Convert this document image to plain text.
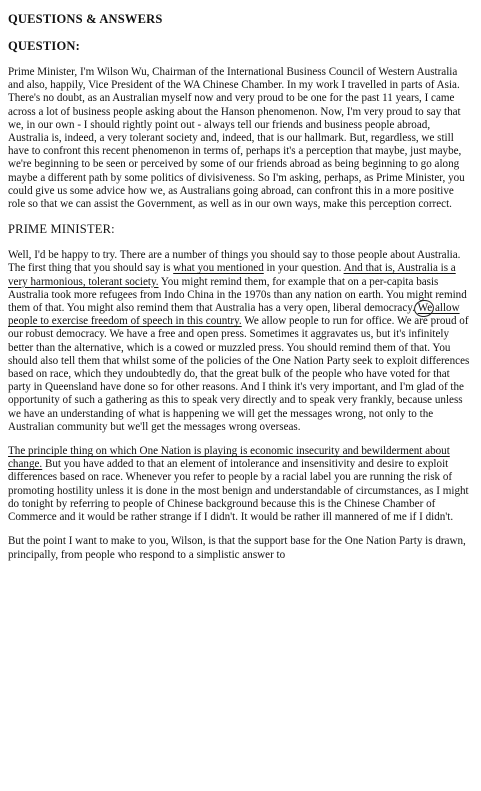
QUESTIONS & ANSWERS
QUESTION:

Prime Minister, I'm Wilson Wu, Chairman of the International Business Council of Western Australia and also, happily, Vice President of the WA Chinese Chamber. In my work I travelled in parts of Asia. There's no doubt, as an Australian myself now and very proud to be one for the past 11 years, I came across a lot of business people asking about the Hanson phenomenon. Now, I'm very proud to say that we, in our own - I should rightly point out - always tell our friends and business people abroad, Australia is, indeed, a very tolerant society and, indeed, that is our hallmark. But, regardless, we still have to confront this recent phenomenon in terms of, perhaps it's a perception that maybe, just maybe, we're beginning to be seen or perceived by some of our friends abroad as being beginning to go along maybe a different path by some politics of divisiveness. So I'm asking, perhaps, as Prime Minister, you could give us some advice how we, as Australians going abroad, can confront this in a more positive role so that we can assist the Government, as well as in our own ways, make this perception correct.

PRIME MINISTER:

Well, I'd be happy to try. There are a number of things you should say to those people about Australia. The first thing that you should say is what you mentioned in your question. And that is, Australia is a very harmonious, tolerant society. You might remind them, for example that on a per-capita basis Australia took more refugees from Indo China in the 1970s than any nation on earth. You might remind them of that. You might also remind them that Australia has a very open, liberal democracy. We allow people to exercise freedom of speech in this country. We allow people to run for office. We are proud of our robust democracy. We have a free and open press. Sometimes it aggravates us, but it's infinitely better than the alternative, which is a cowed or muzzled press. You should remind them of that. You should also tell them that whilst some of the policies of the One Nation Party seek to exploit differences based on race, which they undoubtedly do, that the great bulk of the people who have voted for that party in Queensland have done so for other reasons. And I think it's very important, and I'm glad of the opportunity of such a gathering as this to speak very directly and to speak very frankly, because unless we have an understanding of what is happening we will get the messages wrong, not only to the Australian community but we'll get the messages wrong overseas.

The principle thing on which One Nation is playing is economic insecurity and bewilderment about change. But you have added to that an element of intolerance and insensitivity and desire to exploit differences based on race. Whenever you refer to people by a racial label you are running the risk of promoting hostility unless it is done in the most benign and understandable of circumstances, as I might do tonight by referring to people of Chinese background because this is the Chinese Chamber of Commerce and it would be rather strange if I didn't. It would be rather ill mannered of me if I didn't.

But the point I want to make to you, Wilson, is that the support base for the One Nation Party is drawn, principally, from people who respond to a simplistic answer to
